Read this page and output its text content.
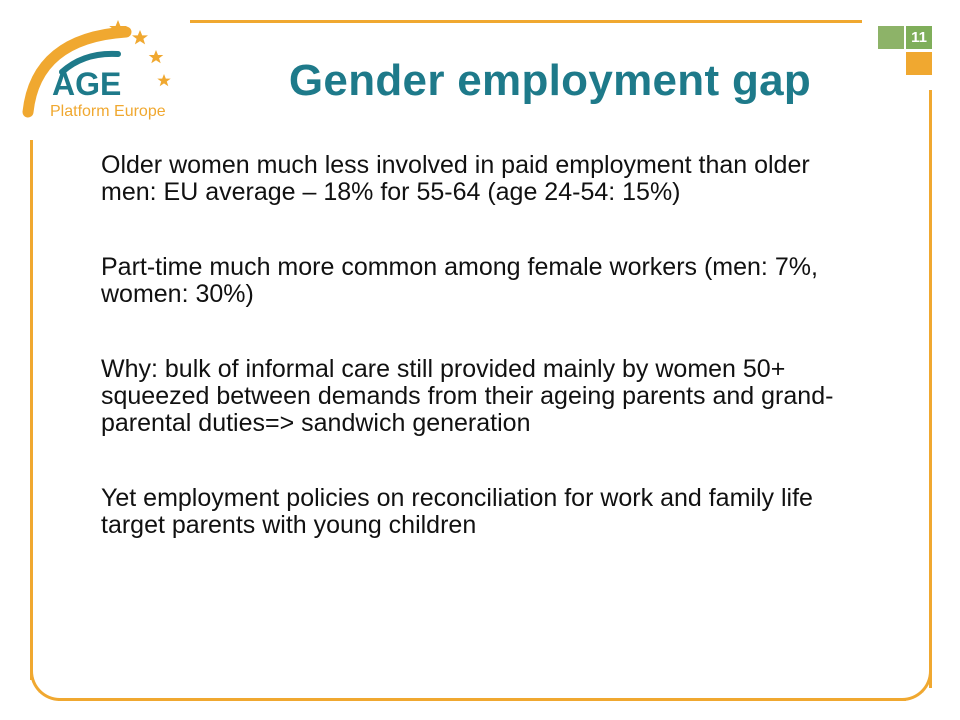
11
AGE
Platform Europe
Gender employment gap

Older women much less involved in paid employment than older men: EU average – 18% for 55-64 (age 24-54: 15%)

Part-time much more common among female workers (men: 7%, women: 30%)

Why: bulk of informal care still provided mainly by women 50+ squeezed between demands from their ageing parents and grand-parental duties=> sandwich generation

Yet employment policies on reconciliation for work and family life target parents with young children
